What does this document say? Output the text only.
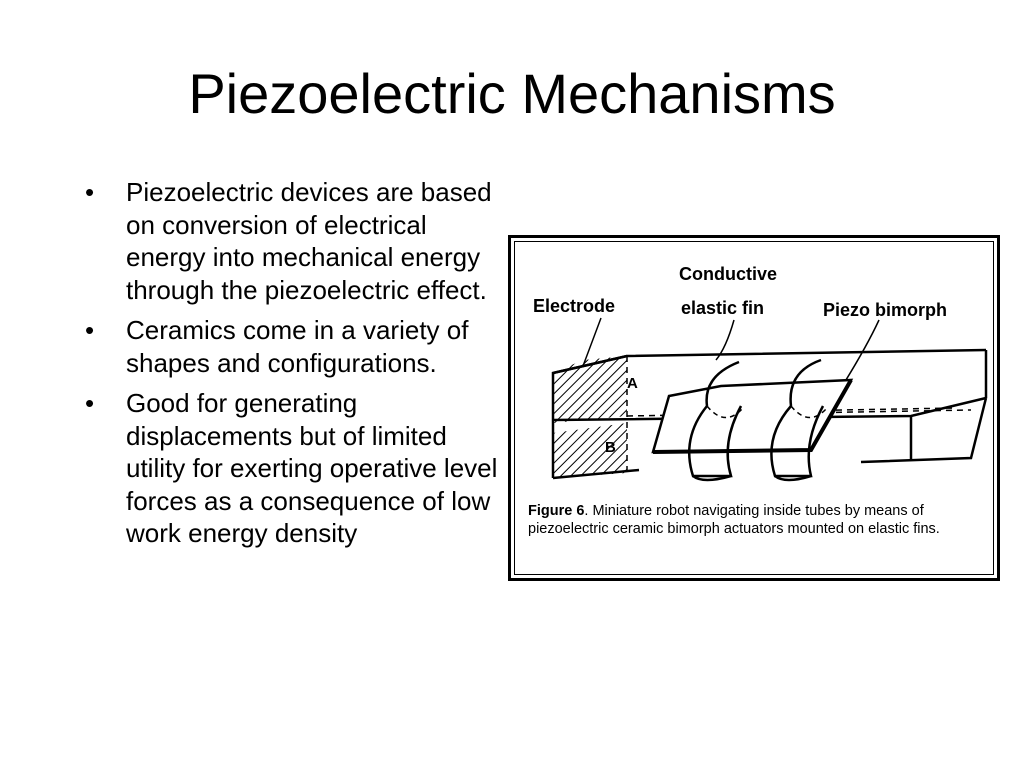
Piezoelectric Mechanisms
• Piezoelectric devices are based on conversion of electrical energy into mechanical energy through the piezoelectric effect.
• Ceramics come in a variety of shapes and configurations.
• Good for generating displacements but of limited utility for exerting operative level forces as a consequence of low work energy density
Conductive
elastic fin
Electrode	Piezo bimorph
A
B
Figure 6. Miniature robot navigating inside tubes by means of piezoelectric ceramic bimorph actuators mounted on elastic fins.
